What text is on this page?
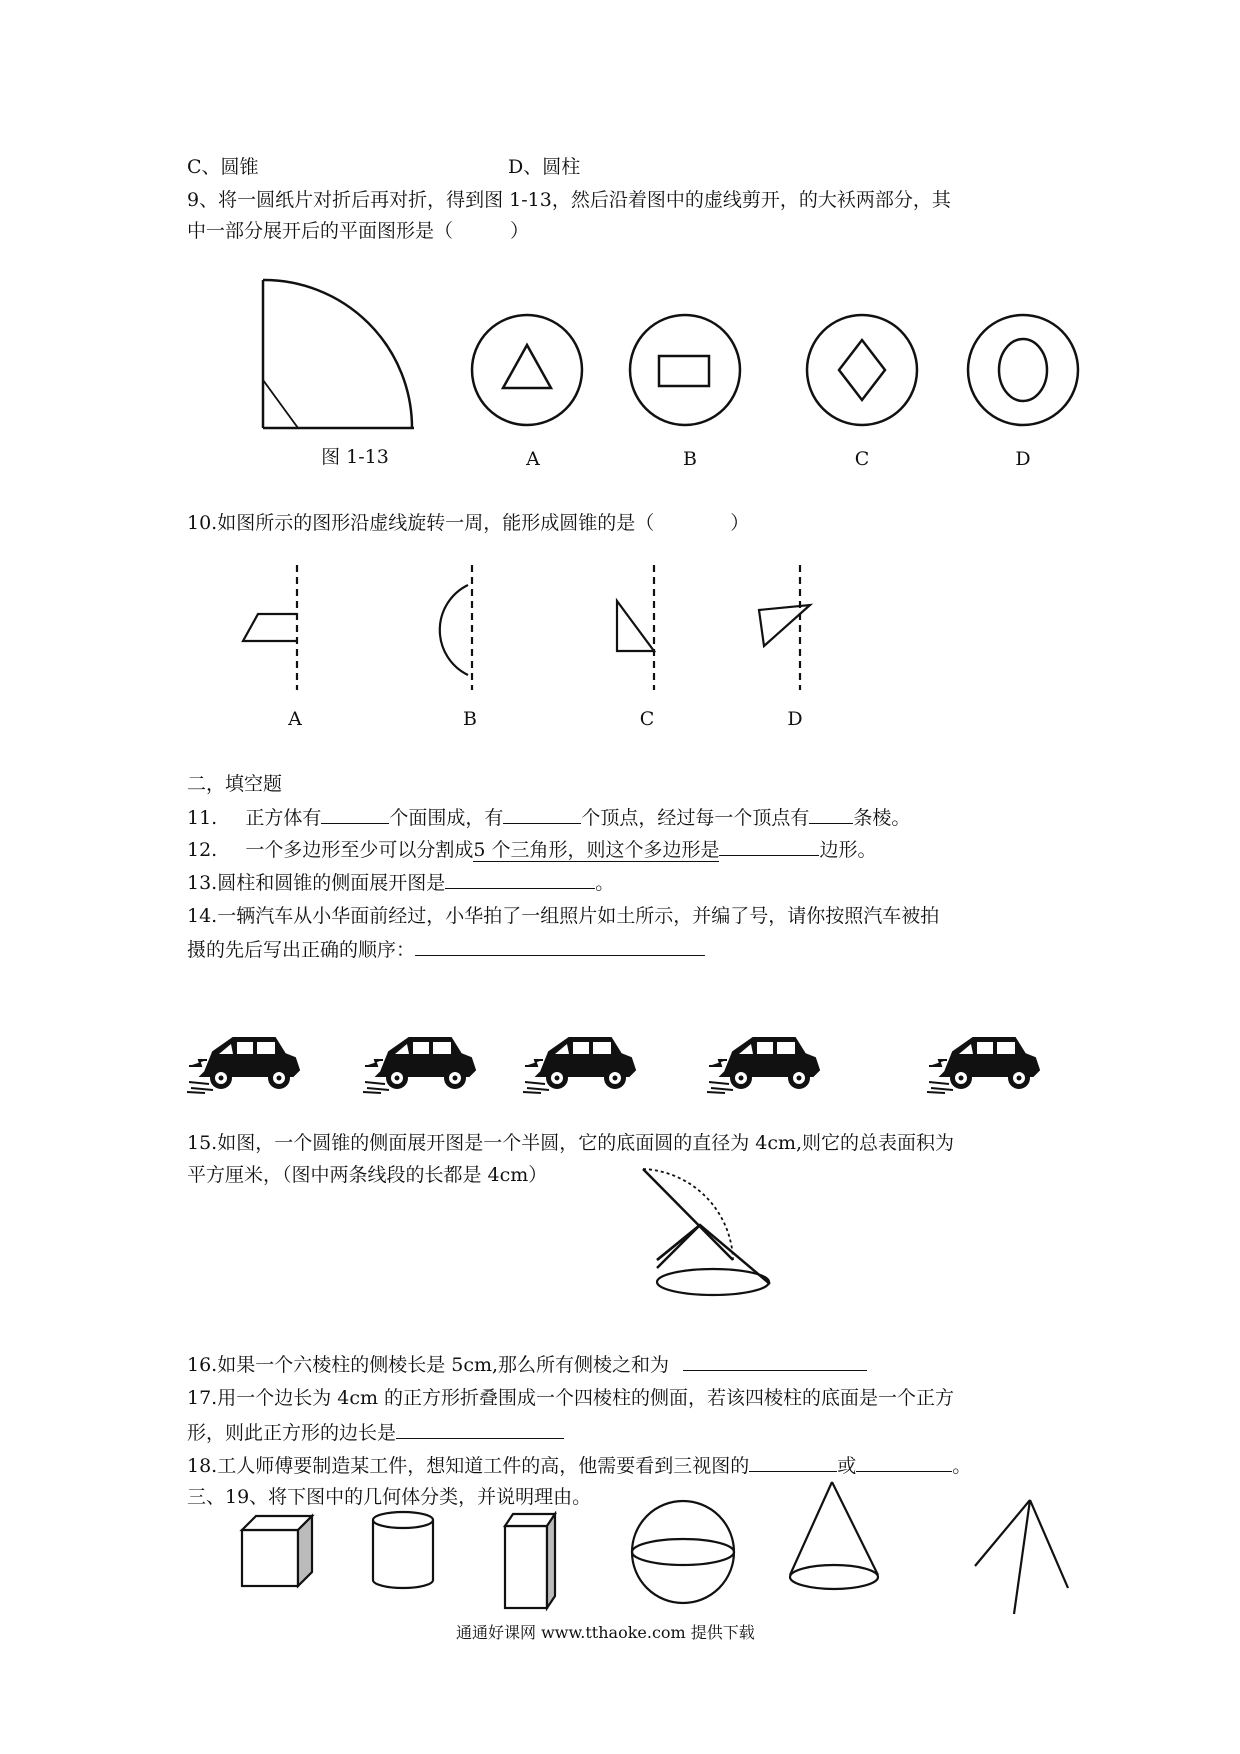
C、圆锥	D、圆柱
9、将一圆纸片对折后再对折，得到图 1-13，然后沿着图中的虚线剪开，的大袄两部分，其
中一部分展开后的平面图形是（　　　）
图 1-13	A	B	C	D
10.如图所示的图形沿虚线旋转一周，能形成圆锥的是（　　　　）
A	B	C	D
二，填空题
11. 正方体有	个面围成，有	个顶点，经过每一个顶点有 条棱。
12. 一个多边形至少可以分割成5 个三角形，则这个多边形是	边形。
13.圆柱和圆锥的侧面展开图是	。
14.一辆汽车从小华面前经过，小华拍了一组照片如土所示，并编了号，请你按照汽车被拍
摄的先后写出正确的顺序：
15.如图，一个圆锥的侧面展开图是一个半圆，它的底面圆的直径为 4cm,则它的总表面积为
平方厘米，（图中两条线段的长都是 4cm）
16.如果一个六棱柱的侧棱长是 5cm,那么所有侧棱之和为
17.用一个边长为 4cm 的正方形折叠围成一个四棱柱的侧面，若该四棱柱的底面是一个正方
形，则此正方形的边长是
18.工人师傅要制造某工件，想知道工件的高，他需要看到三视图的	或	。
三、19、将下图中的几何体分类，并说明理由。
通通好课网 www.tthaoke.com 提供下载
